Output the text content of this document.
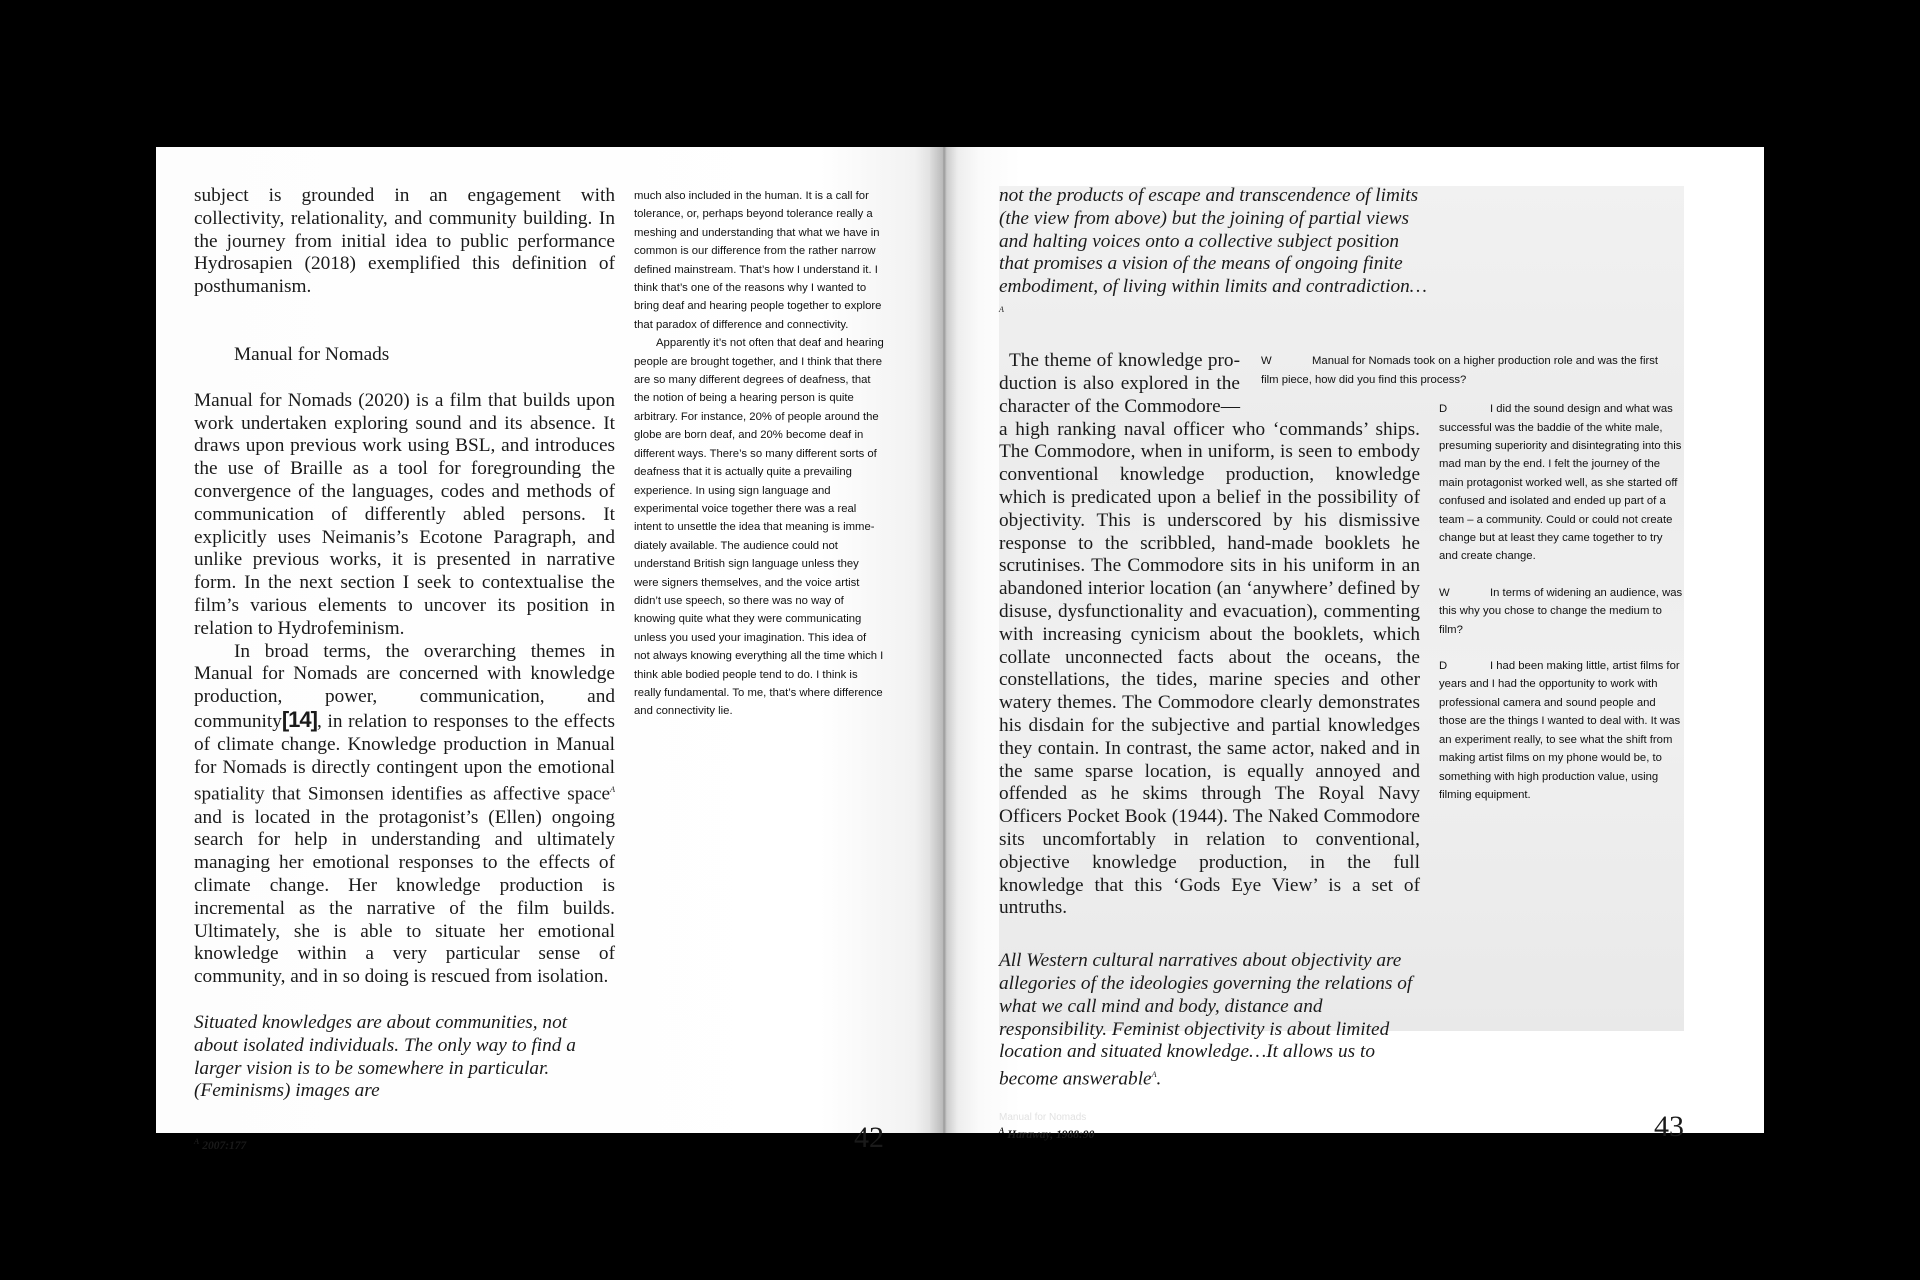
subject is grounded in an engagement with collectivity, relationality, and community building. In the journey from initial idea to public performance Hydrosapien (2018) exemplified this definition of posthumanism.

Manual for Nomads

Manual for Nomads (2020) is a film that builds upon work undertaken exploring sound and its absence. It draws upon previous work using BSL, and introduces the use of Braille as a tool for foregrounding the convergence of the languages, codes and methods of communication of differently abled persons. It explicitly uses Neimanis’s Ecotone Paragraph, and unlike previous works, it is presented in narrative form. In the next section I seek to contextualise the film’s various elements to uncover its position in relation to Hydrofeminism.

In broad terms, the overarching themes in Manual for Nomads are concerned with knowledge production, power, communication, and community[14], in relation to responses to the effects of climate change. Knowledge production in Manual for Nomads is directly contingent upon the emotional spatiality that Simonsen identifies as affective space$^A$ and is located in the protagonist’s (Ellen) ongoing search for help in understanding and ultimately managing her emotional responses to the effects of climate change. Her knowledge production is incremental as the narrative of the film builds. Ultimately, she is able to situate her emotional knowledge within a very particular sense of community, and in so doing is rescued from isolation.

Situated knowledges are about communities, not about isolated individuals. The only way to find a larger vision is to be somewhere in particular. (Feminisms) images are

much also included in the human. It is a call for tolerance, or, perhaps beyond tolerance really a meshing and understanding that what we have in common is our difference from the rather narrow defined mainstream. That’s how I understand it. I think that’s one of the reasons why I wanted to bring deaf and hearing people together to explore that paradox of difference and connectivity.

Apparently it’s not often that deaf and hearing people are brought together, and I think that there are so many different degrees of deafness, that the notion of being a hearing person is quite arbitrary. For instance, 20% of people around the globe are born deaf, and 20% become deaf in different ways. There’s so many different sorts of deafness that it is actually quite a prevailing experience. In using sign language and experimental voice together there was a real intent to unsettle the idea that meaning is immediately available. The audience could not understand British sign language unless they were signers themselves, and the voice artist didn’t use speech, so there was no way of knowing quite what they were communicating unless you used your imagination. This idea of not always knowing everything all the time which I think able bodied people tend to do. I think is really fundamental. To me, that’s where difference and connectivity lie.

$^A$ 2007:177	42
not the products of escape and transcendence of limits (the view from above) but the joining of partial views and halting voices onto a collective subject position that promises a vision of the means of ongoing finite embodiment, of living within limits and contradiction…$^A$

The theme of knowledge production is also explored in the character of the Commodore—a high ranking naval officer who ‘commands’ ships. The Commodore, when in uniform, is seen to embody conventional knowledge production, knowledge which is predicated upon a belief in the possibility of objectivity. This is underscored by his dismissive response to the scribbled, hand-made booklets he scrutinises. The Commodore sits in his uniform in an abandoned interior location (an ‘anywhere’ defined by disuse, dysfunctionality and evacuation), commenting with increasing cynicism about the booklets, which collate unconnected facts about the oceans, the constellations, the tides, marine species and other watery themes. The Commodore clearly demonstrates his disdain for the subjective and partial knowledges they contain. In contrast, the same actor, naked and in the same sparse location, is equally annoyed and offended as he skims through The Royal Navy Officers Pocket Book (1944). The Naked Commodore sits uncomfortably in relation to conventional, objective knowledge production, in the full knowledge that this ‘Gods Eye View’ is a set of untruths.

All Western cultural narratives about objectivity are allegories of the ideologies governing the relations of what we call mind and body, distance and responsibility. Feminist objectivity is about limited location and situated knowledge…It allows us to become answerable$^A$.

W	Manual for Nomads took on a higher production role and was the first film piece, how did you find this process?

D	I did the sound design and what was successful was the baddie of the white male, presuming superiority and disintegrating into this mad man by the end. I felt the journey of the main protagonist worked well, as she started off confused and isolated and ended up part of a team – a community. Could or could not create change but at least they came together to try and create change.

W	In terms of widening an audience, was this why you chose to change the medium to film?

D	I had been making little, artist films for years and I had the opportunity to work with professional camera and sound people and those are the things I wanted to deal with. It was an experiment really, to see what the shift from making artist films on my phone would be, to something with high production value, using filming equipment.

Manual for Nomads
$^A$ Haraway, 1988:90	43
